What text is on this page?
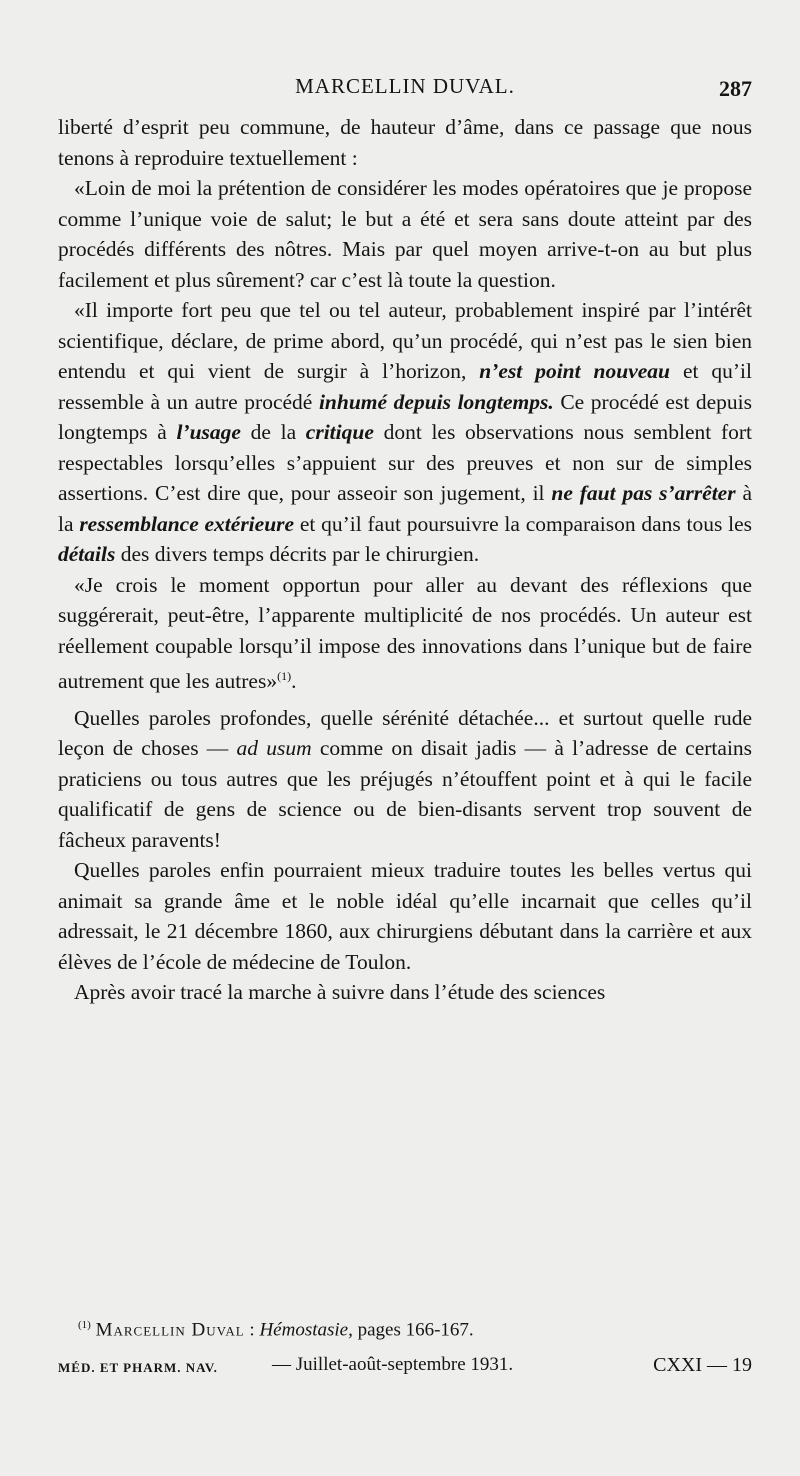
MARCELLIN DUVAL.	287

liberté d’esprit peu commune, de hauteur d’âme, dans ce passage que nous tenons à reproduire textuellement :

«Loin de moi la prétention de considérer les modes opératoires que je propose comme l’unique voie de salut; le but a été et sera sans doute atteint par des procédés différents des nôtres. Mais par quel moyen arrive-t-on au but plus facilement et plus sûrement? car c’est là toute la question.

«Il importe fort peu que tel ou tel auteur, probablement inspiré par l’intérêt scientifique, déclare, de prime abord, qu’un procédé, qui n’est pas le sien bien entendu et qui vient de surgir à l’horizon, n’est point nouveau et qu’il ressemble à un autre procédé inhumé depuis longtemps. Ce procédé est depuis longtemps à l’usage de la critique dont les observations nous semblent fort respectables lorsqu’elles s’appuient sur des preuves et non sur de simples assertions. C’est dire que, pour asseoir son jugement, il ne faut pas s’arrêter à la ressemblance extérieure et qu’il faut poursuivre la comparaison dans tous les détails des divers temps décrits par le chirurgien.

«Je crois le moment opportun pour aller au devant des réflexions que suggérerait, peut-être, l’apparente multiplicité de nos procédés. Un auteur est réellement coupable lorsqu’il impose des innovations dans l’unique but de faire autrement que les autres»$^{(1)}$.

Quelles paroles profondes, quelle sérénité détachée... et surtout quelle rude leçon de choses — ad usum comme on disait jadis — à l’adresse de certains praticiens ou tous autres que les préjugés n’étouffent point et à qui le facile qualificatif de gens de science ou de bien-disants servent trop souvent de fâcheux paravents!

Quelles paroles enfin pourraient mieux traduire toutes les belles vertus qui animait sa grande âme et le noble idéal qu’elle incarnait que celles qu’il adressait, le 21 décembre 1860, aux chirurgiens débutant dans la carrière et aux élèves de l’école de médecine de Toulon.

Après avoir tracé la marche à suivre dans l’étude des sciences

$^{(1)}$ Marcellin Duval : Hémostasie, pages 166-167.
MÉD. ET PHARM. NAV.	— Juillet-août-septembre 1931.	CXXI — 19
